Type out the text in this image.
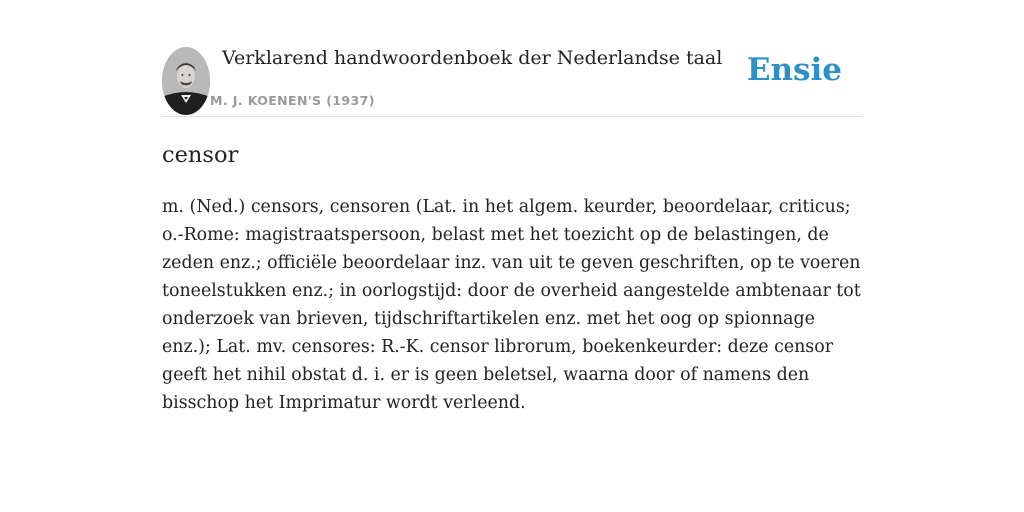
Verklarend handwoordenboek der Nederlandse taal
M. J. KOENEN'S (1937)
Ensie
censor

m. (Ned.) censors, censoren (Lat. in het algem. keurder, beoordelaar, criticus; o.-Rome: magistraatspersoon, belast met het toezicht op de belastingen, de zeden enz.; officiële beoordelaar inz. van uit te geven geschriften, op te voeren toneelstukken enz.; in oorlogstijd: door de overheid aangestelde ambtenaar tot onderzoek van brieven, tijdschriftartikelen enz. met het oog op spionnage enz.); Lat. mv. censores: R.-K. censor librorum, boekenkeurder: deze censor geeft het nihil obstat d. i. er is geen beletsel, waarna door of namens den bisschop het Imprimatur wordt verleend.
